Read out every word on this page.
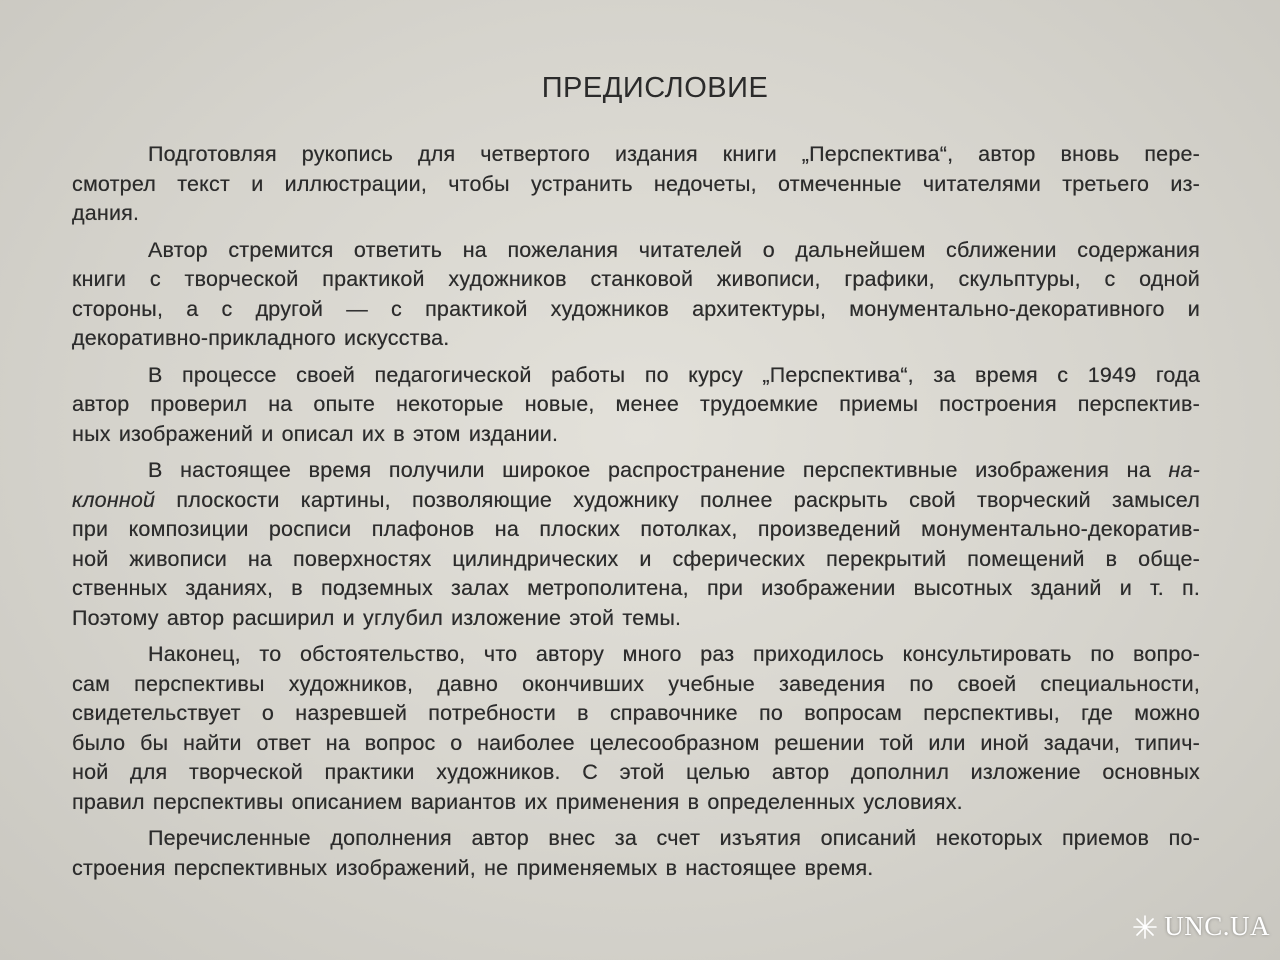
ПРЕДИСЛОВИЕ

Подготовляя рукопись для четвертого издания книги „Перспектива“, автор вновь пере-
смотрел текст и иллюстрации, чтобы устранить недочеты, отмеченные читателями третьего из-
дания.

Автор стремится ответить на пожелания читателей о дальнейшем сближении содержания
книги с творческой практикой художников станковой живописи, графики, скульптуры, с одной
стороны, а с другой — с практикой художников архитектуры, монументально-декоративного и
декоративно-прикладного искусства.

В процессе своей педагогической работы по курсу „Перспектива“, за время с 1949 года
автор проверил на опыте некоторые новые, менее трудоемкие приемы построения перспектив-
ных изображений и описал их в этом издании.

В настоящее время получили широкое распространение перспективные изображения на на-
клонной плоскости картины, позволяющие художнику полнее раскрыть свой творческий замысел
при композиции росписи плафонов на плоских потолках, произведений монументально-декоратив-
ной живописи на поверхностях цилиндрических и сферических перекрытий помещений в обще-
ственных зданиях, в подземных залах метрополитена, при изображении высотных зданий и т. п.
Поэтому автор расширил и углубил изложение этой темы.

Наконец, то обстоятельство, что автору много раз приходилось консультировать по вопро-
сам перспективы художников, давно окончивших учебные заведения по своей специальности,
свидетельствует о назревшей потребности в справочнике по вопросам перспективы, где можно
было бы найти ответ на вопрос о наиболее целесообразном решении той или иной задачи, типич-
ной для творческой практики художников. С этой целью автор дополнил изложение основных
правил перспективы описанием вариантов их применения в определенных условиях.

Перечисленные дополнения автор внес за счет изъятия описаний некоторых приемов по-
строения перспективных изображений, не применяемых в настоящее время.

UNC.UA
